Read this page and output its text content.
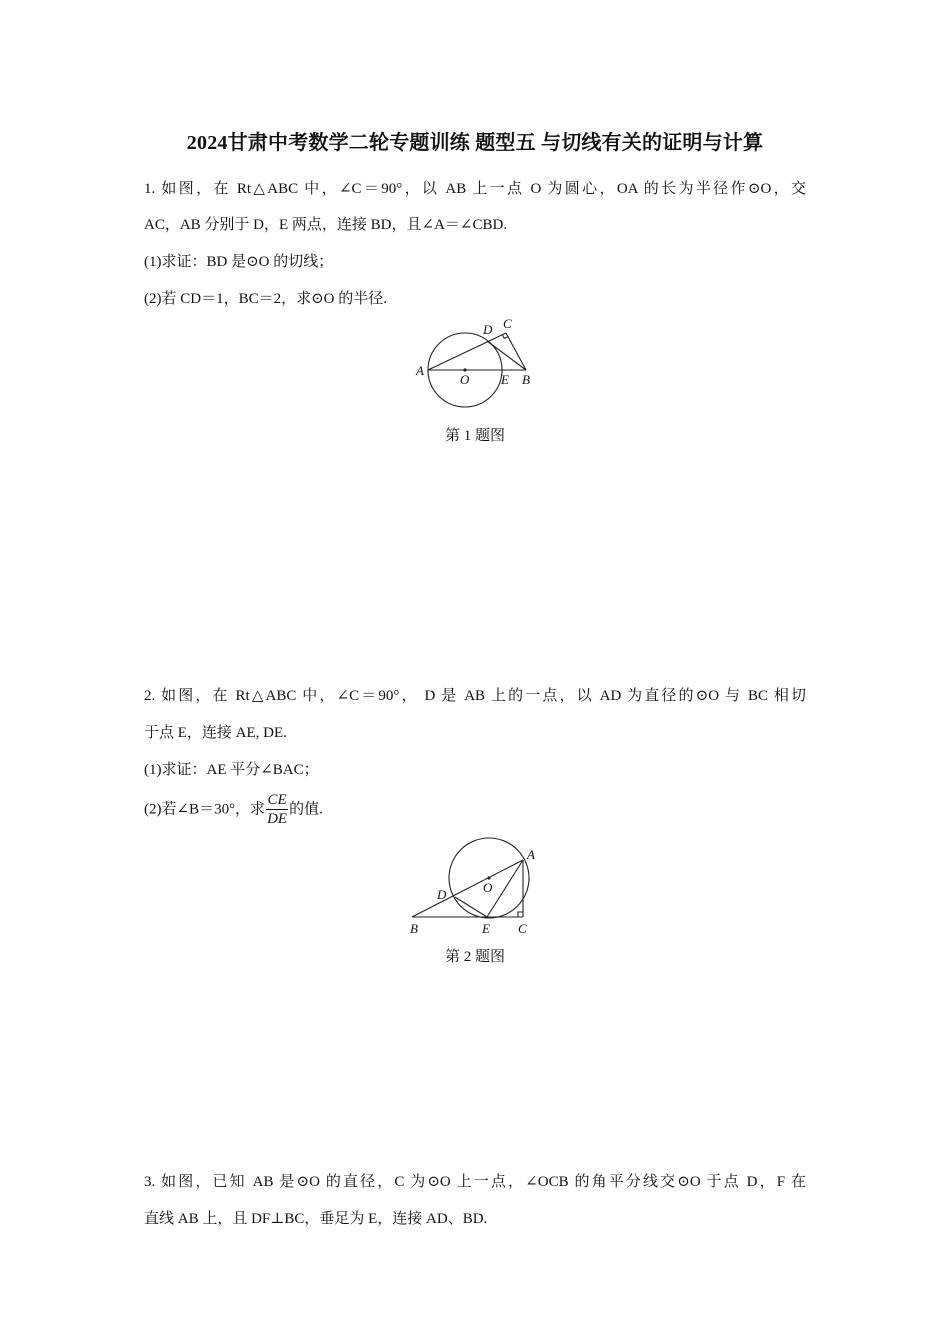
2024甘肃中考数学二轮专题训练 题型五 与切线有关的证明与计算
1. 如图，在 Rt△ABC 中，∠C＝90°，以 AB 上一点 O 为圆心，OA 的长为半径作⊙O，交
AC，AB 分别于 D，E 两点，连接 BD，且∠A＝∠CBD.
(1)求证：BD 是⊙O 的切线；
(2)若 CD＝1，BC＝2，求⊙O 的半径.
A
O E B
D C
第 1 题图
2. 如图，在 Rt△ABC 中，∠C＝90°， D 是 AB 上的一点，以 AD 为直径的⊙O 与 BC 相切
于点 E，连接 AE, DE.
(1)求证：AE 平分∠BAC；
(2)若∠B＝30°，求 $\frac{CE}{DE}$ 的值.
A
O
D
B	E C
第 2 题图
3. 如图，已知 AB 是⊙O 的直径，C 为⊙O 上一点，∠OCB 的角平分线交⊙O 于点 D，F 在
直线 AB 上，且 DF⊥BC，垂足为 E，连接 AD、BD.
